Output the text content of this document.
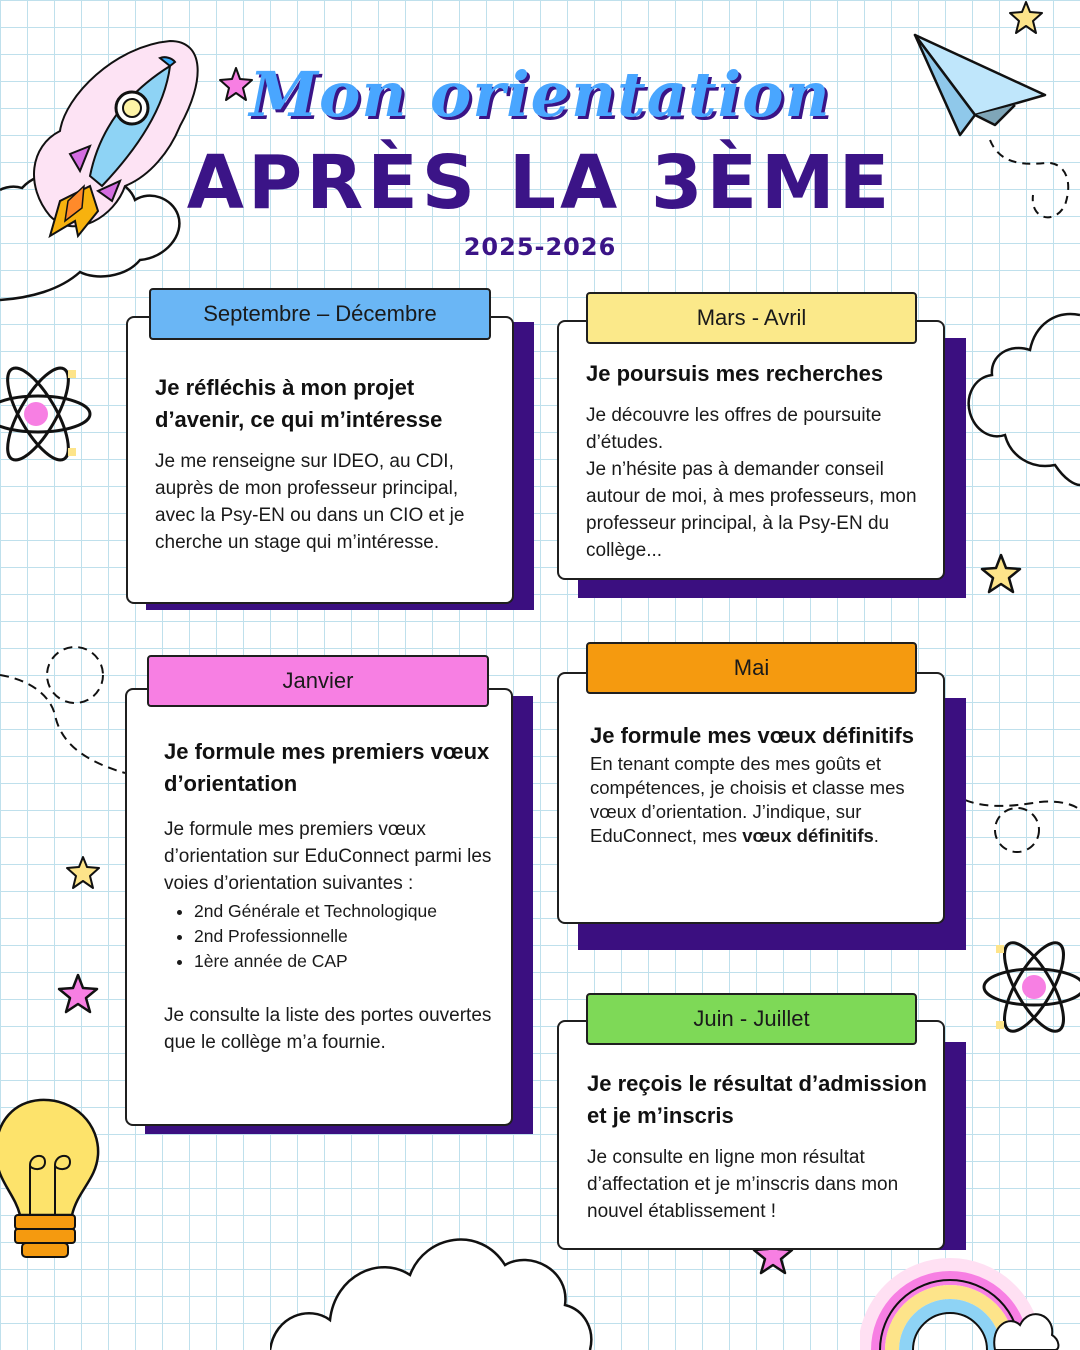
Mon orientation
APRÈS LA 3ÈME
2025-2026
Je réfléchis à mon projet d’avenir, ce qui m’intéresse
Je me renseigne sur IDEO, au CDI, auprès de mon professeur principal, avec la Psy-EN ou dans un CIO et je cherche un stage qui m’intéresse.
Septembre – Décembre
Je poursuis mes recherches
Je découvre les offres de poursuite d’études.
Je n’hésite pas à demander conseil autour de moi, à mes professeurs, mon professeur principal, à la Psy-EN du collège...
Mars - Avril
Je formule mes premiers vœux d’orientation
Je formule mes premiers vœux d’orientation sur EduConnect parmi les voies d’orientation suivantes :
• 2nd Générale et Technologique
• 2nd Professionnelle
• 1ère année de CAP
Je consulte la liste des portes ouvertes que le collège m’a fournie.
Janvier
Je formule mes vœux définitifs
En tenant compte des mes goûts et compétences, je choisis et classe mes vœux d’orientation. J’indique, sur EduConnect, mes vœux définitifs.
Mai
Je reçois le résultat d’admission et je m’inscris
Je consulte en ligne mon résultat d’affectation et je m’inscris dans mon nouvel établissement !
Juin - Juillet
